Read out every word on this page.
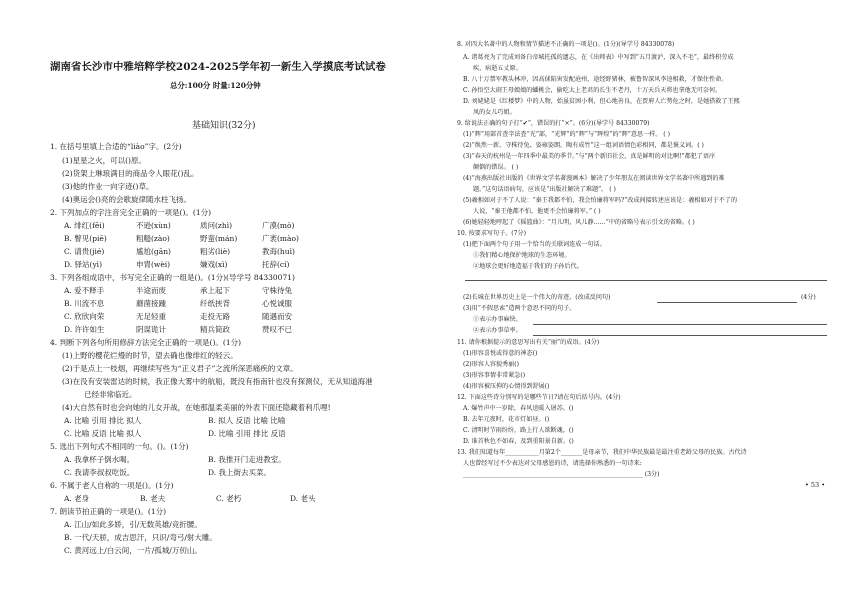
湖南省长沙市中雅培粹学校2024-2025学年初一新生入学摸底考试试卷
总分:100分 时量:120分钟
基础知识(32分)
1. 在括号里填上合适的“liào”字。(2分)
(1)星星之火，可以()原。
(2)货架上琳琅满目的商品令人眼花()乱。
(3)他的作业一向字迹()草。
(4)奥运会()亮的会歌旋律随水柱飞扬。
2. 下列加点的字注音完全正确的一项是()。(1分)
A. 绯红(fēi)	不逊(xùn)	质问(zhì)	广漠(mò)
B. 瞥见(piē)	粗糙(zào)	野蛮(mán)	广袤(mào)
C. 请贵(jié)	尴尬(gān)	粗劣(liè)	教诲(huì)
D. 驿站(yì)	申胄(wèi)	嫌戏(xì)	托辞(cí)
3. 下列各组成语中，书写完全正确的一组是()。(1分)(导学号 84330071)
A. 爱不释手	半途而废	承上起下	守株待兔
B. 川流不息	蘑菌接踵	纤纸挟背	心悦诚服
C. 欣欣向荣	无足轻重	走投无路	随遇而安
D. 许许如生	阴谋诡计	精兵简政	赞叹不已
4. 判断下列各句所用修辞方法完全正确的一项是()。(1分)
(1)上野的樱花烂熳的时节，望去确也像绯红的轻云。
(2)于是点上一枝烟，再继续写些为“正义君子”之流所深恶痛疾的文章。
(3)在没有安装雷达的时候，我正像大雾中的航船，既没有指南针也没有探测仪，无从知道海港
已经非常临近。
(4)大自然有时也会向她的儿女开战，在她那温柔美丽的外表下面还隐藏着利爪哩!
A. 比喻 引用 排比 拟人	B. 拟人 反语 比喻 比喻
C. 比喻 反语 比喻 拟人	D. 比喻 引用 排比 反语
5. 选出下列句式不相同的一句。()。(1分)
A. 我拿杯子倒水喝。	B. 我推开门走进教室。
C. 我请李叔叔吃饭。	D. 我上街去买菜。
6. 不属于老人自称的一项是()。(1分)
A. 老身	B. 老夫	C. 老朽	D. 老头
7. 朗读节拍正确的一项是()。(1分)
A. 江山/如此多娇，引/无数英雄/竞折腰。
B. 一代/天骄，成吉思汗，只识/弯弓/射大雕。
C. 黄河远上/白云间，一片/孤城/万仞山。
8. 对四大名著中的人物和情节描述不正确的一项是()。(1分)(导学号 84330078)
A. 诸葛亮为了完成刘备白帝城托孤的遗志，在《出师表》中写到“五月渡泸，深入不毛”，最终积劳成
疾，病逝五丈原。
B. 八十万禁军教头林冲，因高俅陷害发配沧州，途经野猪林，被鲁智深风李逵相救，才保住性命。
C. 孙悟空大闹王母娘娘的蟠桃会，偷吃太上老君的长生不老丹，十万天兵天将也拿他无可奈何。
D. 刘姥姥是《红楼梦》中的人物，始虽贫困小利，但心地善良，在贾府人亡势危之时，是她搭救了王熙
凤的女儿巧姐。
9. 给说法正确的句子打“✔”，错误的打“×”。(6分)(导学号 84330079)
(1)“辉”用部首查字法查“光”部，“光辉”的“辉”与“辉煌”的“辉”意思一样。 ( )
(2)“焕然一新、守株待兔、姿雍姿朗、陶有成竹”这一组词语情色彩相同，都是褒义词。( )
(3)“春天的杭州是一年四季中最美的季节。”与“两个新旧社会，真是鲜明的对比啊!”都犯了语序
颠倒的错误。 ( )
(4)“海燕出版社出版的《世界文学名著漫画本》解决了少年朋友在阅读世界文学名著中所遇到的难
题。”这句话语病句，应该是“出版社解决了难题”。 ( )
(5)羲相如对于不了人说：“秦王我都不怕，我会怕廉将军吗?”改成间接转述应该是：羲相如对于不了的
人说，“秦王他都不怕，他更不会怕廉将军。” ( )
(6)她轻轻地哼起了《摇篮曲》：“月儿明，风儿静……”中的省略号表示引文的省略。( )
10. 按要求写句子。(7分)
(1)把下面两个句子用一个恰当的关联词连成一句话。
①我们精心地保护地球的生态环境。
②地球会更好地造福于我们的子孙后代。
(2)长城在世界历史上是一个伟大的奇迹。(改成反问句)	(4分)
(3)用“不假思索”造两个意思不同的句子。
①表示办事麻快。
②表示办事草率。
11. 请你根据提示的意思写出有关“丽”的成语。(4分)
(1)形容喜悦或得意的神态()
(2)形容人容貌秀丽()
(3)形容事情非常紧急()
(4)形容被压抑的心情得到舒展()
12. 下面这些诗分别写的是哪些节日?请在句后括号内。(4分)
A. 爆竹声中一岁除，春风送暖入屠苏。()
B. 去年元夜时，花市灯如昼。()
C. 清明时节雨纷纷，路上行人欲断魂。()
D. 谁首秋色不如春，及到重阳景自新。()
13. 我们知道每年___________月第2个_______是母亲节，我们中华民族最是最注重老龄父母的民族。古代诗
人也曾经写过不少表达对父母感恩的诗，请选择你熟悉的一句诗来:
___________________________________________________________ (3分)
• 53 •
